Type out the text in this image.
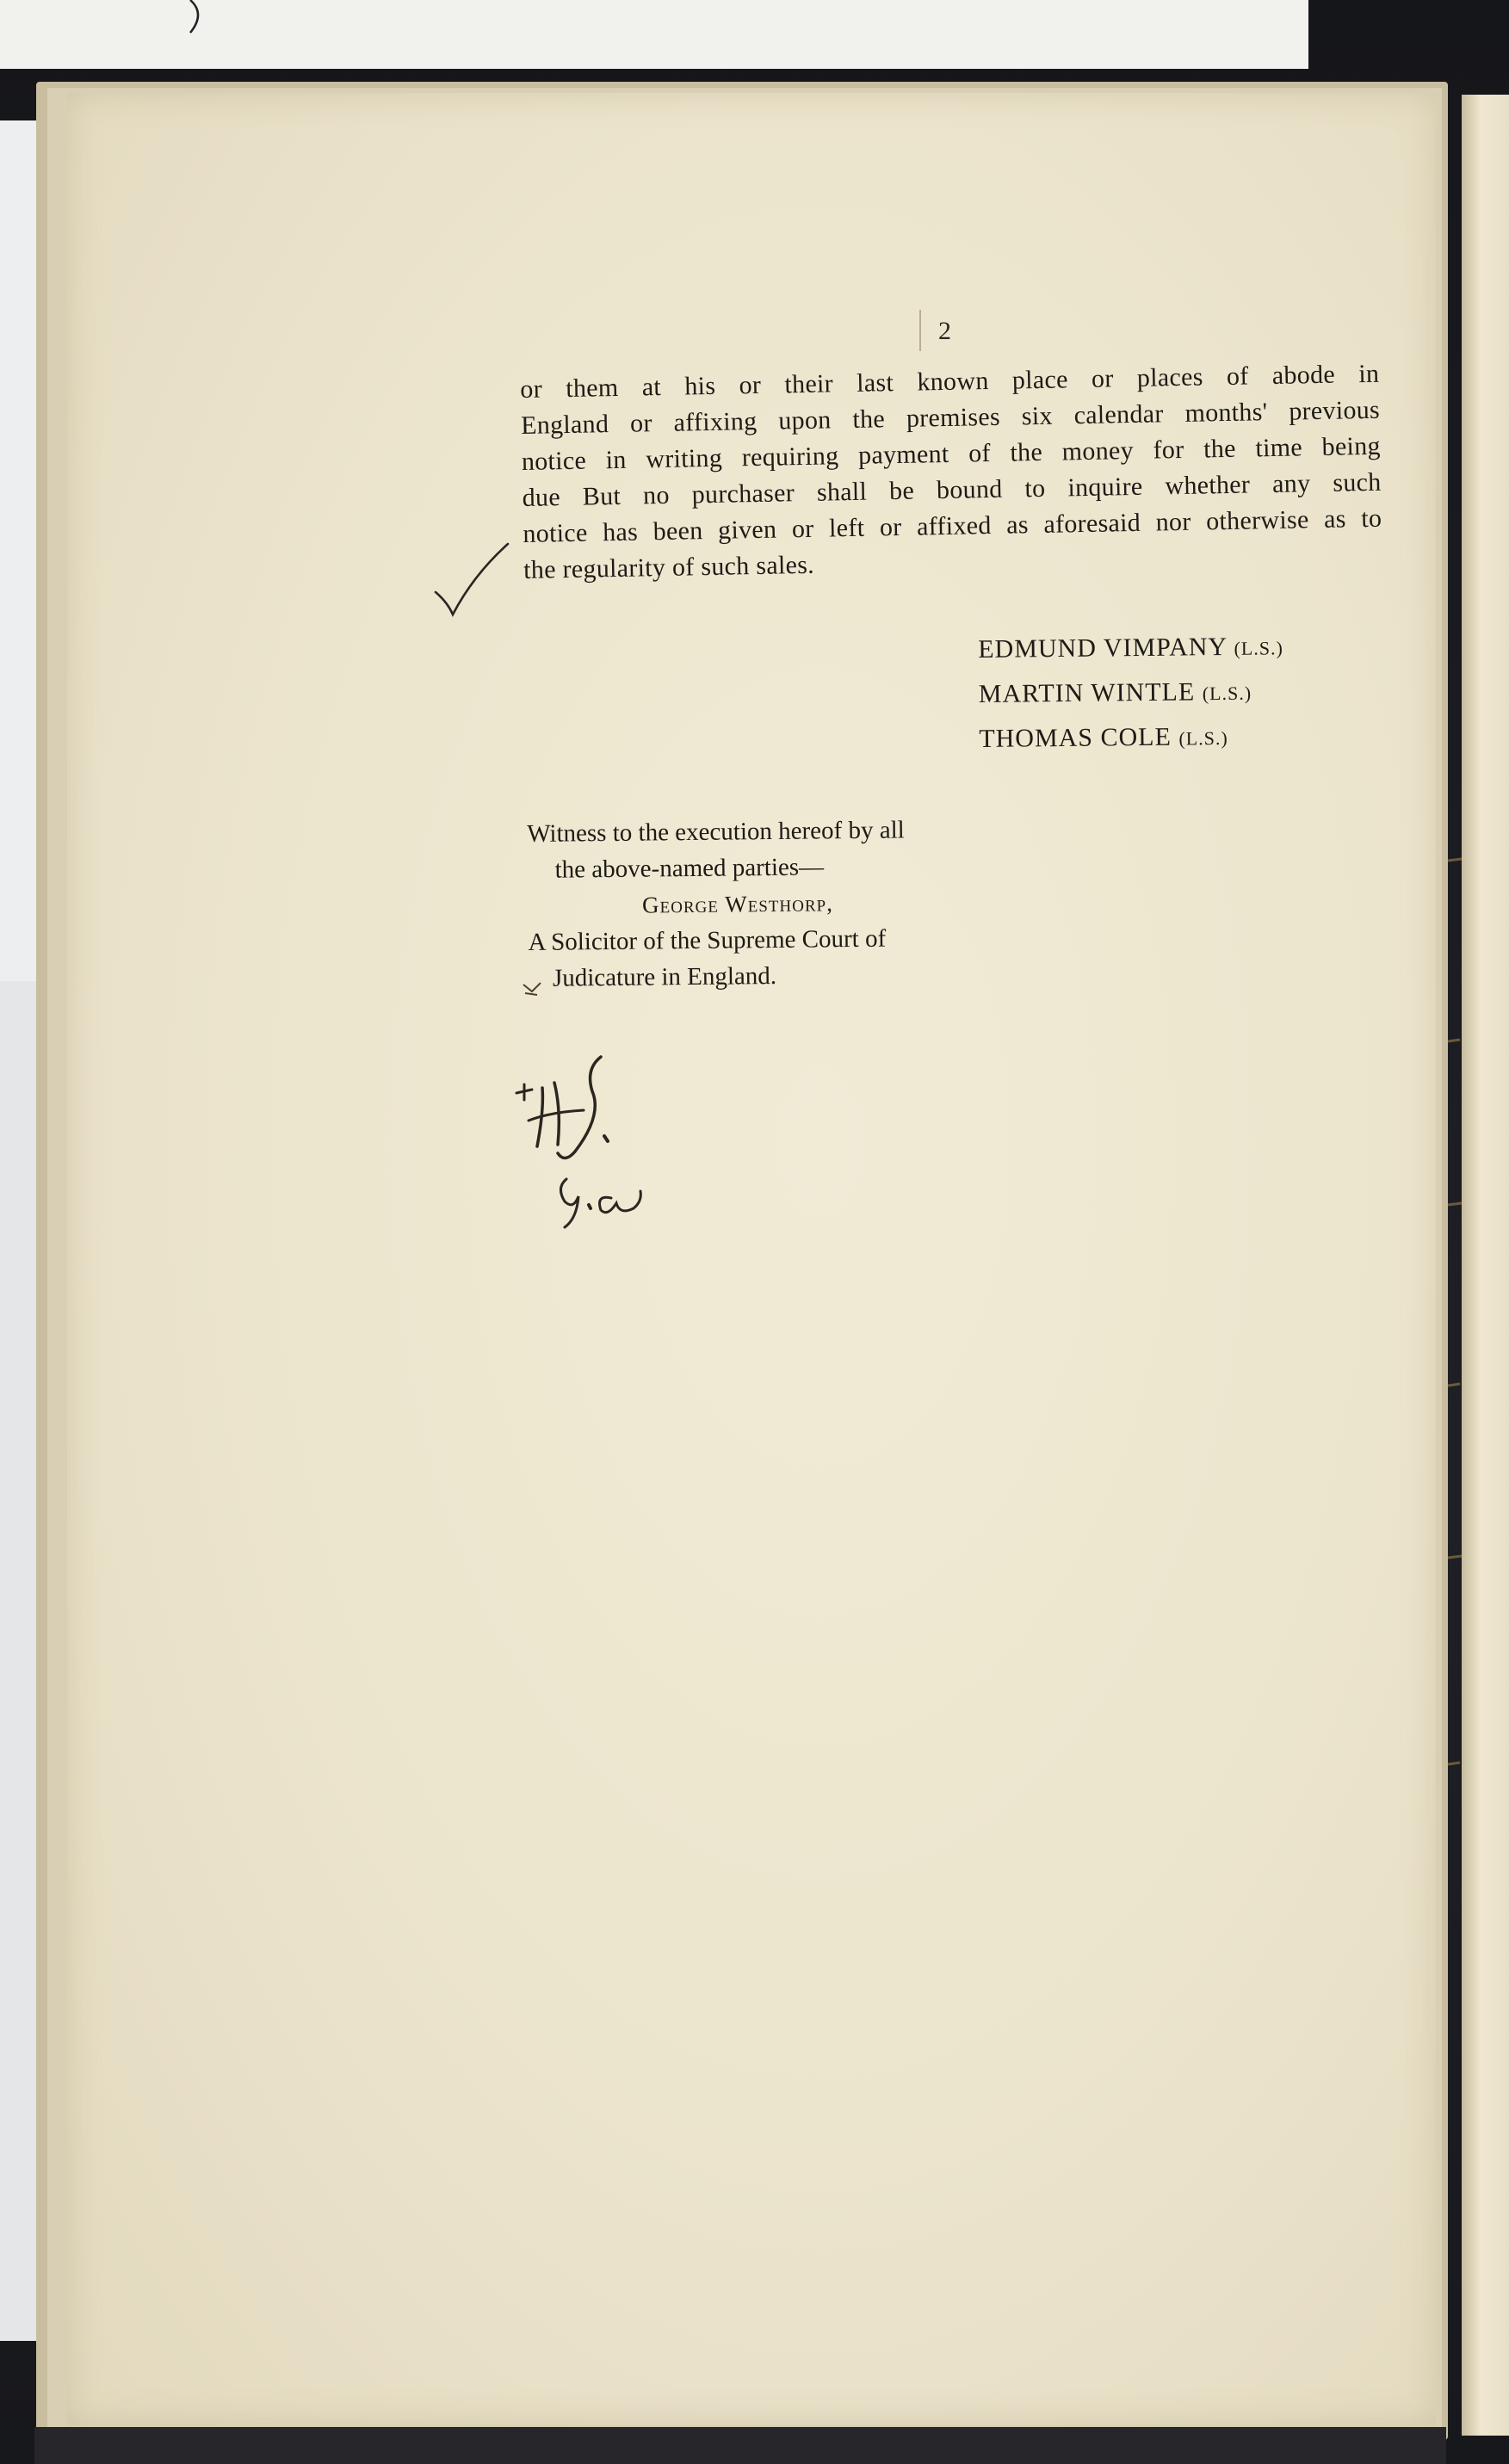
2
or them at his or their last known place or places of abode in
England or affixing upon the premises six calendar months' previous
notice in writing requiring payment of the money for the time being
due But no purchaser shall be bound to inquire whether any such
notice has been given or left or affixed as aforesaid nor otherwise as to
the regularity of such sales.
EDMUND VIMPANY (L.S.)
MARTIN WINTLE (L.S.)
THOMAS COLE (L.S.)
Witness to the execution hereof by all
the above-named parties—
George Westhorp,
A Solicitor of the Supreme Court of
Judicature in England.
